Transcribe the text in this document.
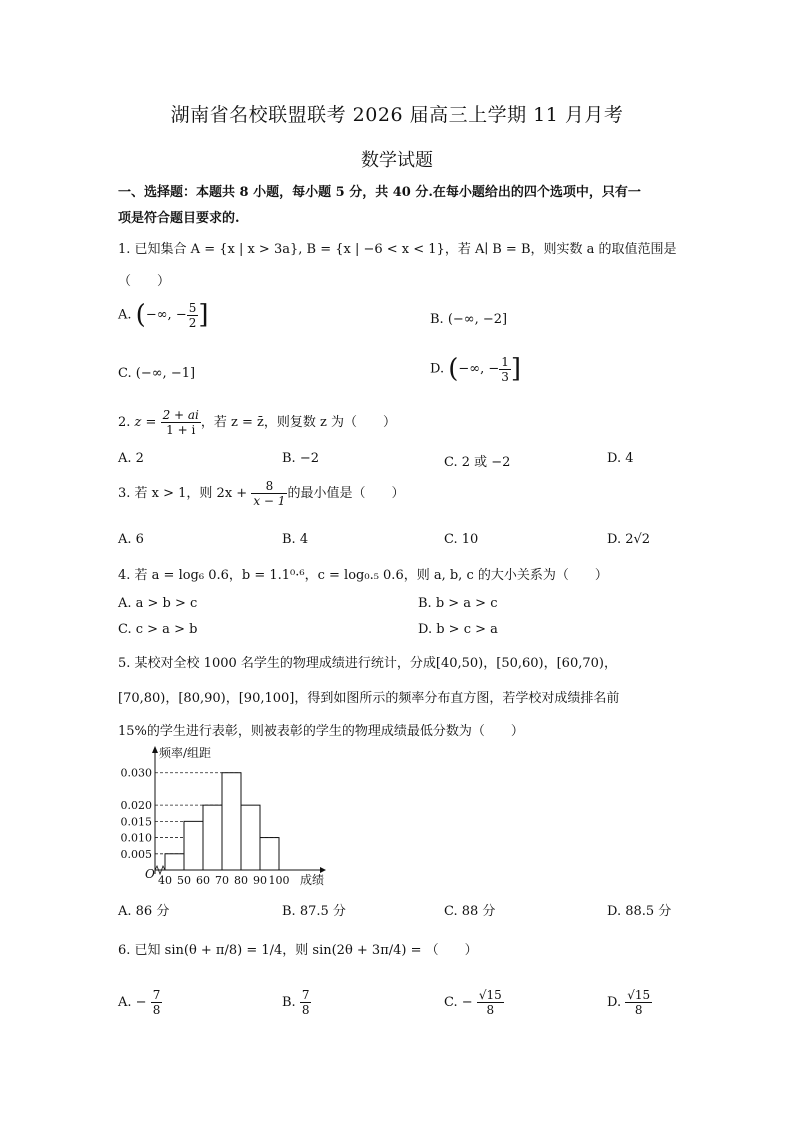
湖南省名校联盟联考 2026 届高三上学期 11 月月考
数学试题
一、选择题：本题共 8 小题，每小题 5 分，共 40 分.在每小题给出的四个选项中，只有一
项是符合题目要求的.
1. 已知集合 A = {x | x > 3a}, B = {x | −6 < x < 1}，若 A∣ B = B，则实数 a 的取值范围是
（　　）
A. (−∞, − $\frac{5}{2}$ ]	B. (−∞, −2]
C. (−∞, −1]	D. (−∞, − $\frac{1}{3}$ ]
2. $z = \frac{2 + ai}{1 + i}$ ，若 z = z̄，则复数 z 为（　　）
A. 2	B. −2	C. 2 或 −2	D. 4
3. 若 x > 1，则 $2x + \frac{8}{x - 1}$ 的最小值是（　　）
A. 6	B. 4	C. 10	D. 2√2
4. 若 a = log₆ 0.6，b = 1.1⁰·⁶，c = log₀.₅ 0.6，则 a, b, c 的大小关系为（　　）
A. a > b > c	B. b > a > c
C. c > a > b	D. b > c > a
5. 某校对全校 1000 名学生的物理成绩进行统计，分成[40,50)，[50,60)，[60,70)，
[70,80)，[80,90)，[90,100]，得到如图所示的频率分布直方图，若学校对成绩排名前
15%的学生进行表彰，则被表彰的学生的物理成绩最低分数为（　　）
0.030
0.020
0.015
0.010
0.005
40 50 60 70 80 90 100
频率/组距
成绩
O
A. 86 分	B. 87.5 分	C. 88 分	D. 88.5 分
6. 已知 sin(θ + π/8) = 1/4，则 sin(2θ + 3π/4) = （　　）
A. − $\frac{7}{8}$	B. $\frac{7}{8}$	C. − $\frac{√15}{8}$	D. $\frac{√15}{8}$
